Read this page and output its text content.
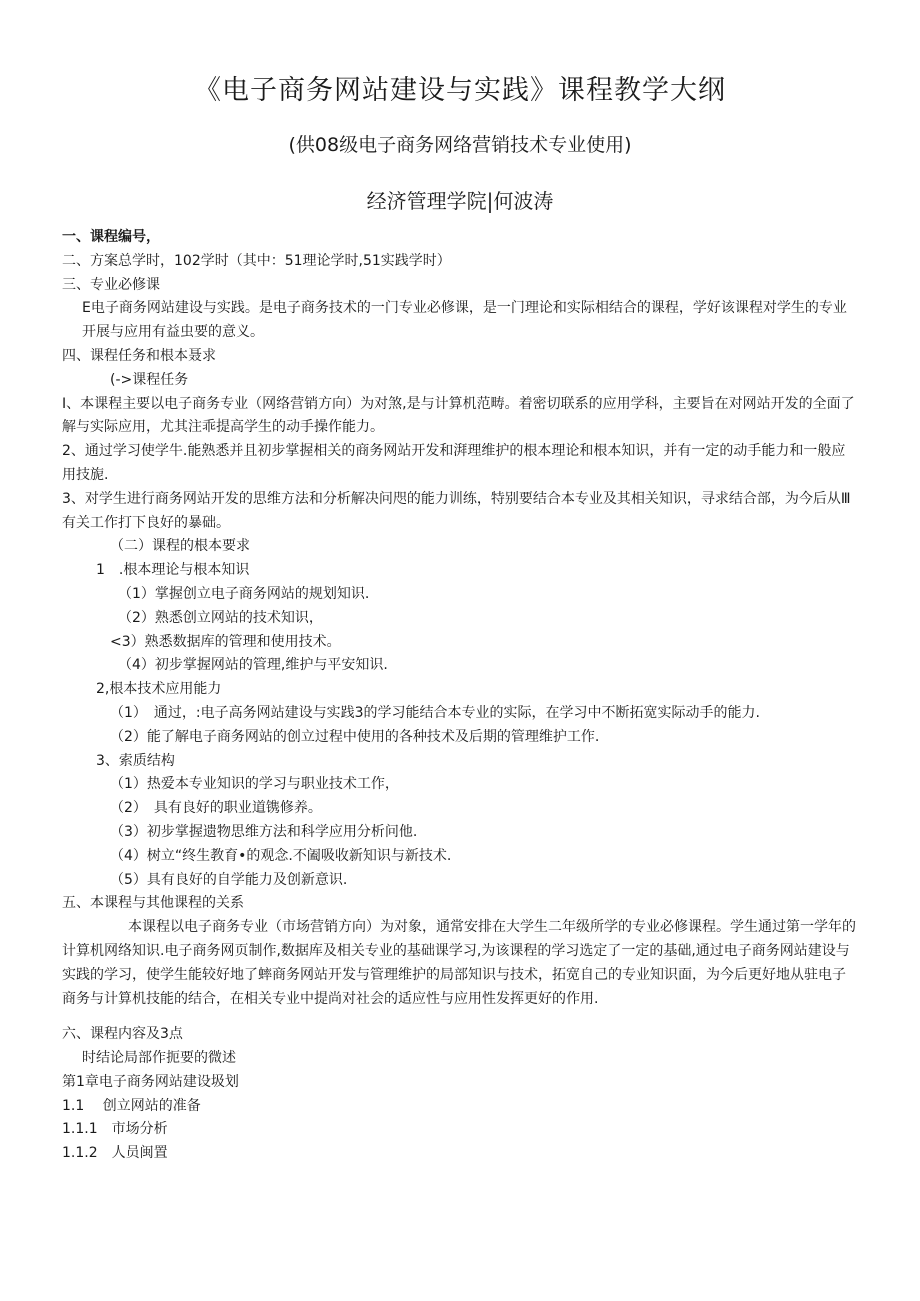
《电子商务网站建设与实践》课程教学大纲

(供08级电子商务网络营销技术专业使用)

经济管理学院|何波涛

一、课程编号，

二、方案总学时，102学时（其中：51理论学时,51实践学时）

三、专业必修课

E电子商务网站建设与实践。是电子商务技术的一门专业必修课，是一门理论和实际相结合的课程，学好该课程对学生的专业开展与应用有益虫要的意义。

四、课程任务和根本聂求

(->课程任务

I、本课程主要以电子商务专业（网络营销方向）为对煞,是与计算机范畴。着密切联系的应用学科，主要旨在对网站开发的全面了解与实际应用，尤其注乖提高学生的动手操作能力。

2、通过学习使学牛.能熟悉并且初步掌握相关的商务网站开发和湃理维护的根本理论和根本知识，并有一定的动手能力和一般应用技旎.

3、对学生进行商务网站开发的思维方法和分析解决问咫的能力训练，特别要结合本专业及其相关知识，寻求结合部，为今后从Ⅲ有关工作打下良好的暴础。

（二）课程的根本要求

1　.根本理论与根本知识

（1）掌握创立电子商务网站的规划知识.

（2）熟悉创立网站的技术知识，

<3）熟悉数据库的管理和使用技术。

（4）初步掌握网站的管理,维护与平安知识.

2,根本技术应用能力

（1）　通过，:电子高务网站建设与实践3的学习能结合本专业的实际，在学习中不断拓宽实际动手的能力.

（2）能了解电子商务网站的创立过程中使用的各种技术及后期的管理维护工作.

3、索质结构

（1）热爱本专业知识的学习与职业技术工作，

（2）　具有良好的职业道镌修养。

（3）初步掌握遗物思维方法和科学应用分析问他.

（4）树立“终生教育•的观念.不阖吸收新知识与新技术.

（5）具有良好的自学能力及创新意识.

五、本课程与其他课程的关系

本课程以电子商务专业（市场营销方向）为对象，通常安排在大学生二年级所学的专业必修课程。学生通过第一学年的计算机网络知识.电子商务网页制作,数据库及相关专业的基础课学习,为该课程的学习选定了一定的基础,通过电子商务网站建设与实践的学习，使学生能较好地了蟀商务网站开发与管理维护的局部知识与技术，拓宽自己的专业知识面，为今后更好地从驻电子商务与计算机技能的结合，在相关专业中提尚对社会的适应性与应用性发挥更好的作用.

六、课程内容及3点

时结论局部作扼要的微述

第1章电子商务网站建设圾划

1.1　 创立网站的准备

1.1.1　市场分析

1.1.2　人员闽置
